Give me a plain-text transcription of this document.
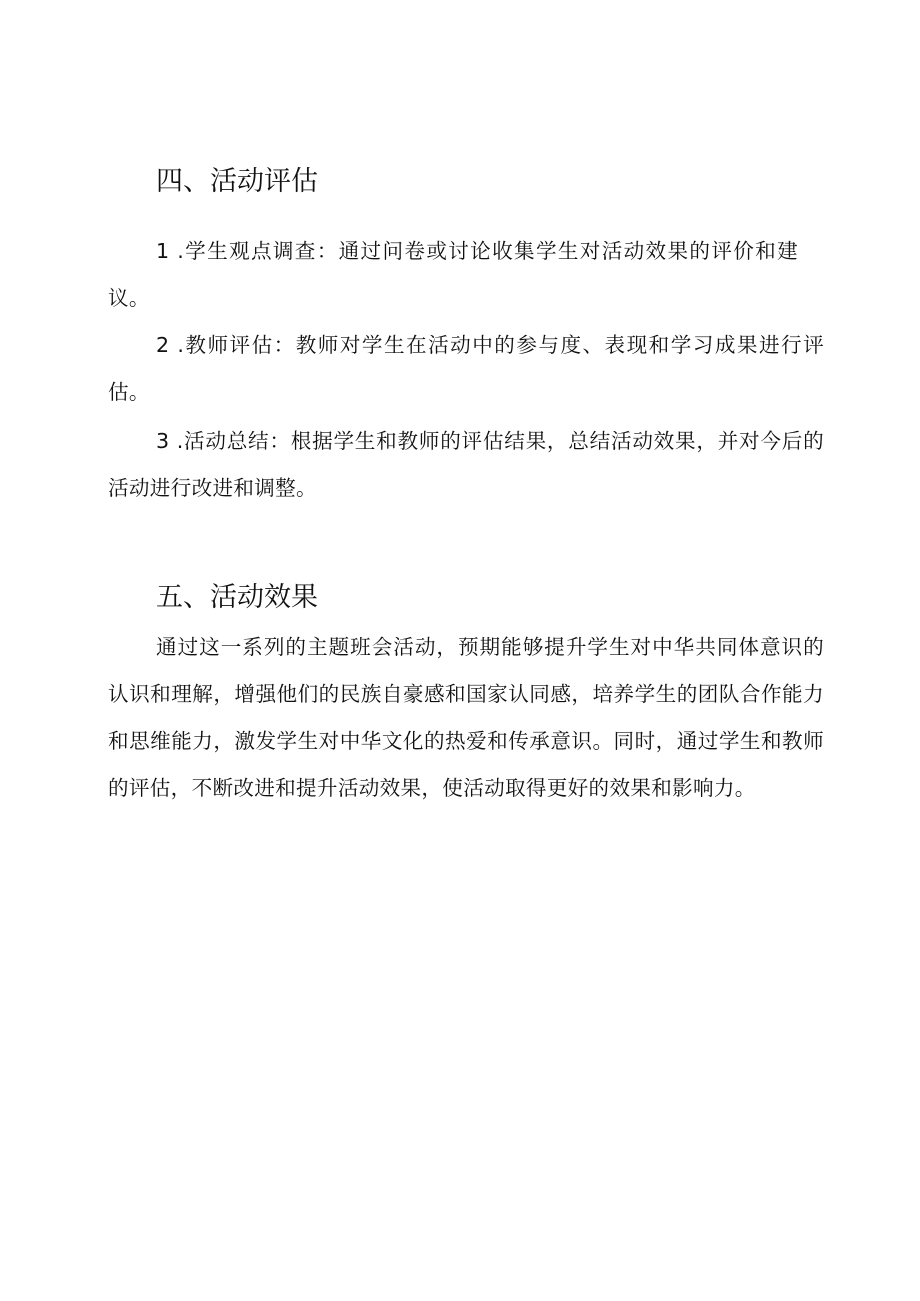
四、活动评估

1 .学生观点调查：通过问卷或讨论收集学生对活动效果的评价和建议。

2 .教师评估：教师对学生在活动中的参与度、表现和学习成果进行评估。

3 .活动总结：根据学生和教师的评估结果，总结活动效果，并对今后的活动进行改进和调整。

五、活动效果

通过这一系列的主题班会活动，预期能够提升学生对中华共同体意识的认识和理解，增强他们的民族自豪感和国家认同感，培养学生的团队合作能力和思维能力，激发学生对中华文化的热爱和传承意识。同时，通过学生和教师的评估，不断改进和提升活动效果，使活动取得更好的效果和影响力。
